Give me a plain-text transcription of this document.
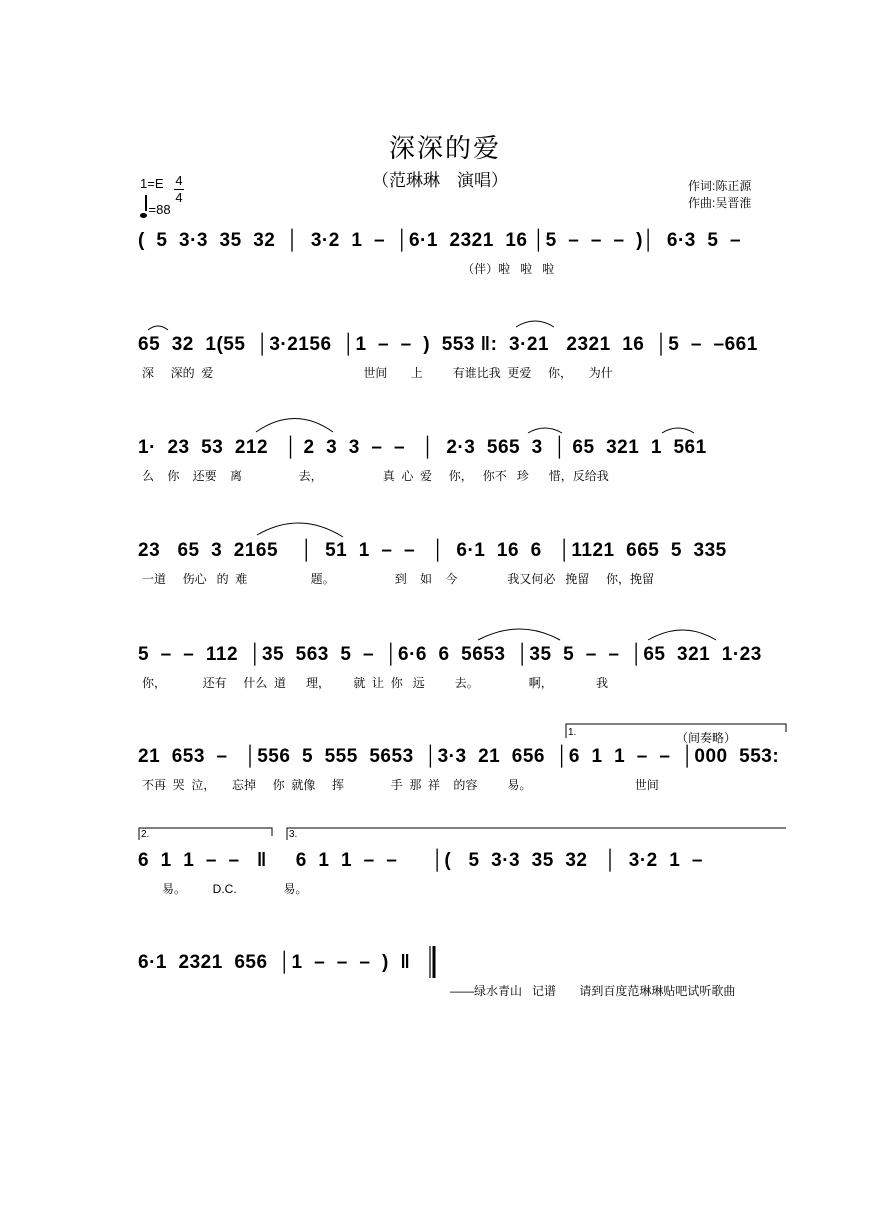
深深的爱
（范琳琳　演唱）	作词:陈正源
作曲:吴晋淮
1=E 4
4
=88
(  5  3·3  35  32  │  3·2  1  –  │6·1  2321  16 │5  –  –  –  )│  6·3  5  –
（伴）啦   啦   啦
65  32  1(55  │3·2156  │1  –  –  )  553 ‖:  3·21   2321  16  │5  –  –661
深     深的  爱                                             世间       上         有谁比我  更爱     你，     为什
1·  23  53  212   │ 2  3  3  –  –   │  2·3  565  3  │ 65  321  1  561
么    你    还要    离                 去，                  真  心  爱     你，   你不   珍      惜，反给我
23   65  3  2165    │  51  1  –  –   │  6·1  16  6   │1121  665  5  335
一道     伤心   的  难                   题。                  到    如    今               我又何必   挽留     你，挽留
5  –  –  112  │35  563  5  –  │6·6  6  5653  │35  5  –  –  │65  321  1·23
你，           还有     什么  道      理，       就  让  你   远         去。               啊，             我
21  653  –   │556  5  555  5653  │3·3  21  656  │6  1  1  –  –  │000  553:
不再  哭  泣，     忘掉     你  就像     挥              手  那  祥    的容         易。                               世间
6  1  1  –  –   ‖     6  1  1  –  –      │(   5  3·3  35  32   │  3·2  1  –
易。        D.C.              易。
6·1  2321  656  │1  –  –  –  )  ‖
1.	（间奏略）
2.	3.
——绿水青山   记谱       请到百度范琳琳贴吧试听歌曲
